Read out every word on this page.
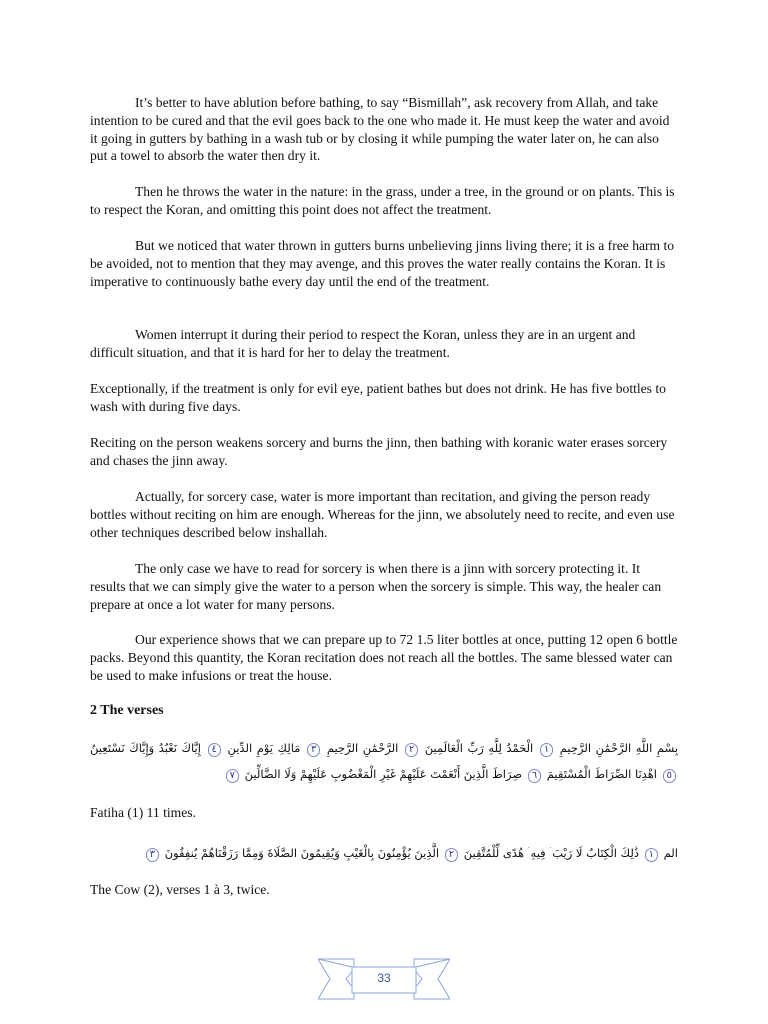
It’s better to have ablution before bathing, to say “Bismillah”, ask recovery from Allah, and take intention to be cured and that the evil goes back to the one who made it. He must keep the water and avoid it going in gutters by bathing in a wash tub or by closing it while pumping the water later on, he can also put a towel to absorb the water then dry it.

Then he throws the water in the nature: in the grass, under a tree, in the ground or on plants. This is to respect the Koran, and omitting this point does not affect the treatment.

But we noticed that water thrown in gutters burns unbelieving jinns living there; it is a free harm to be avoided, not to mention that they may avenge, and this proves the water really contains the Koran. It is imperative to continuously bathe every day until the end of the treatment.

Women interrupt it during their period to respect the Koran, unless they are in an urgent and difficult situation, and that it is hard for her to delay the treatment.

Exceptionally, if the treatment is only for evil eye, patient bathes but does not drink. He has five bottles to wash with during five days.

Reciting on the person weakens sorcery and burns the jinn, then bathing with koranic water erases sorcery and chases the jinn away.

Actually, for sorcery case, water is more important than recitation, and giving the person ready bottles without reciting on him are enough. Whereas for the jinn, we absolutely need to recite, and even use other techniques described below inshallah.

The only case we have to read for sorcery is when there is a jinn with sorcery protecting it. It results that we can simply give the water to a person when the sorcery is simple. This way, the healer can prepare at once a lot water for many persons.

Our experience shows that we can prepare up to 72 1.5 liter bottles at once, putting 12 open 6 bottle packs. Beyond this quantity, the Koran recitation does not reach all the bottles. The same blessed water can be used to make infusions or treat the house.

2 The verses

بِسْمِ اللَّهِ الرَّحْمَٰنِ الرَّحِيمِ ١ الْحَمْدُ لِلَّهِ رَبِّ الْعَالَمِينَ ٢ الرَّحْمَٰنِ الرَّحِيمِ ٣ مَالِكِ يَوْمِ الدِّينِ ٤ إِيَّاكَ نَعْبُدُ وَإِيَّاكَ نَسْتَعِينُ ٥ اهْدِنَا الصِّرَاطَ الْمُسْتَقِيمَ ٦ صِرَاطَ الَّذِينَ أَنْعَمْتَ عَلَيْهِمْ غَيْرِ الْمَغْضُوبِ عَلَيْهِمْ وَلَا الضَّالِّينَ ٧

Fatiha (1) 11 times.

الم ١ ذَٰلِكَ الْكِتَابُ لَا رَيْبَ ۛ فِيهِ ۛ هُدًى لِّلْمُتَّقِينَ ٢ الَّذِينَ يُؤْمِنُونَ بِالْغَيْبِ وَيُقِيمُونَ الصَّلَاةَ وَمِمَّا رَزَقْنَاهُمْ يُنفِقُونَ ٣

The Cow (2), verses 1 à 3, twice.

33
